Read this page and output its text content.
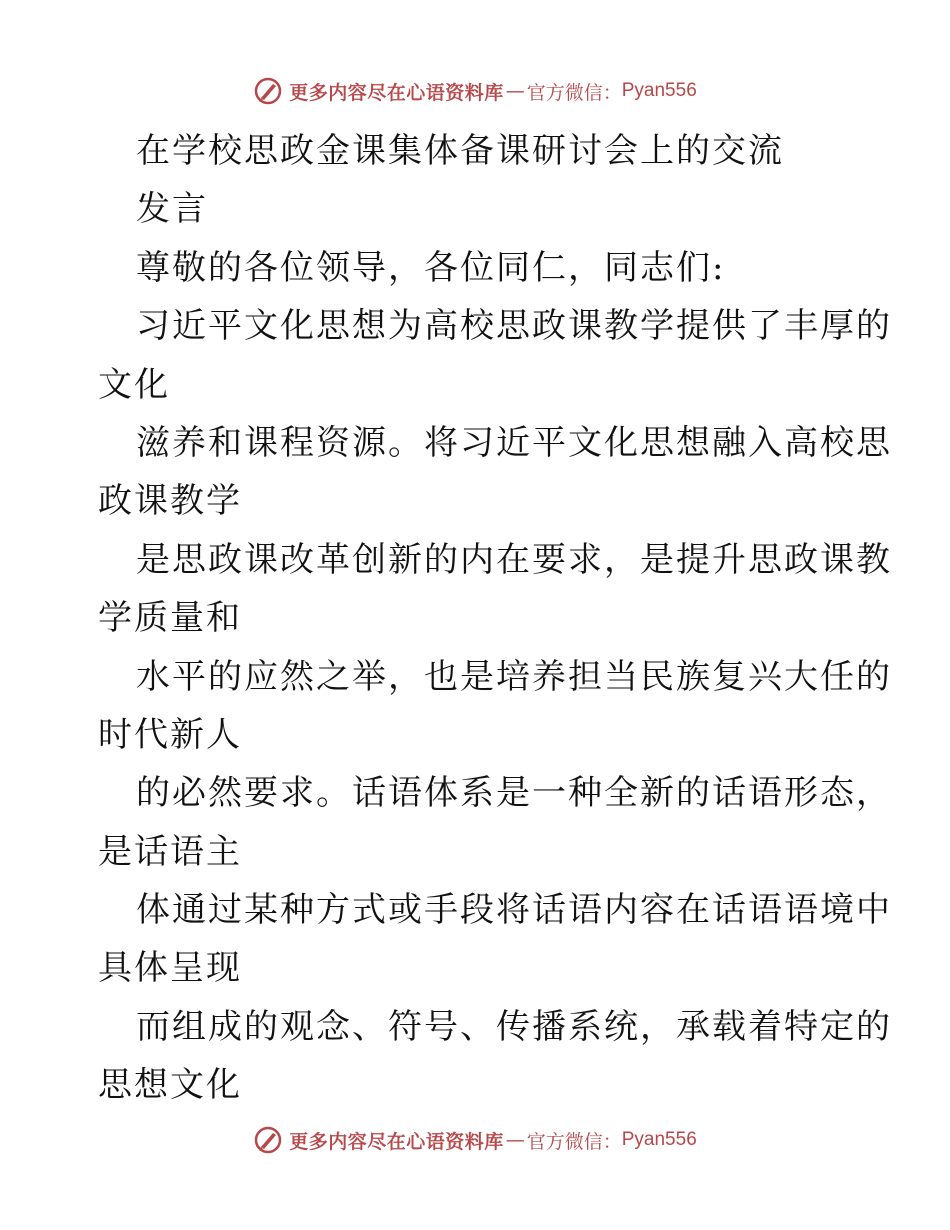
更多内容尽在心语资料库 — 官方微信： Pyan556
在学校思政金课集体备课研讨会上的交流
发言
尊敬的各位领导，各位同仁，同志们:
习近平文化思想为高校思政课教学提供了丰厚的
文化
滋养和课程资源。将习近平文化思想融入高校思
政课教学
是思政课改革创新的内在要求，是提升思政课教
学质量和
水平的应然之举，也是培养担当民族复兴大任的
时代新人
的必然要求。话语体系是一种全新的话语形态，
是话语主
体通过某种方式或手段将话语内容在话语语境中
具体呈现
而组成的观念、符号、传播系统，承载着特定的
思想文化
更多内容尽在心语资料库 — 官方微信： Pyan556
